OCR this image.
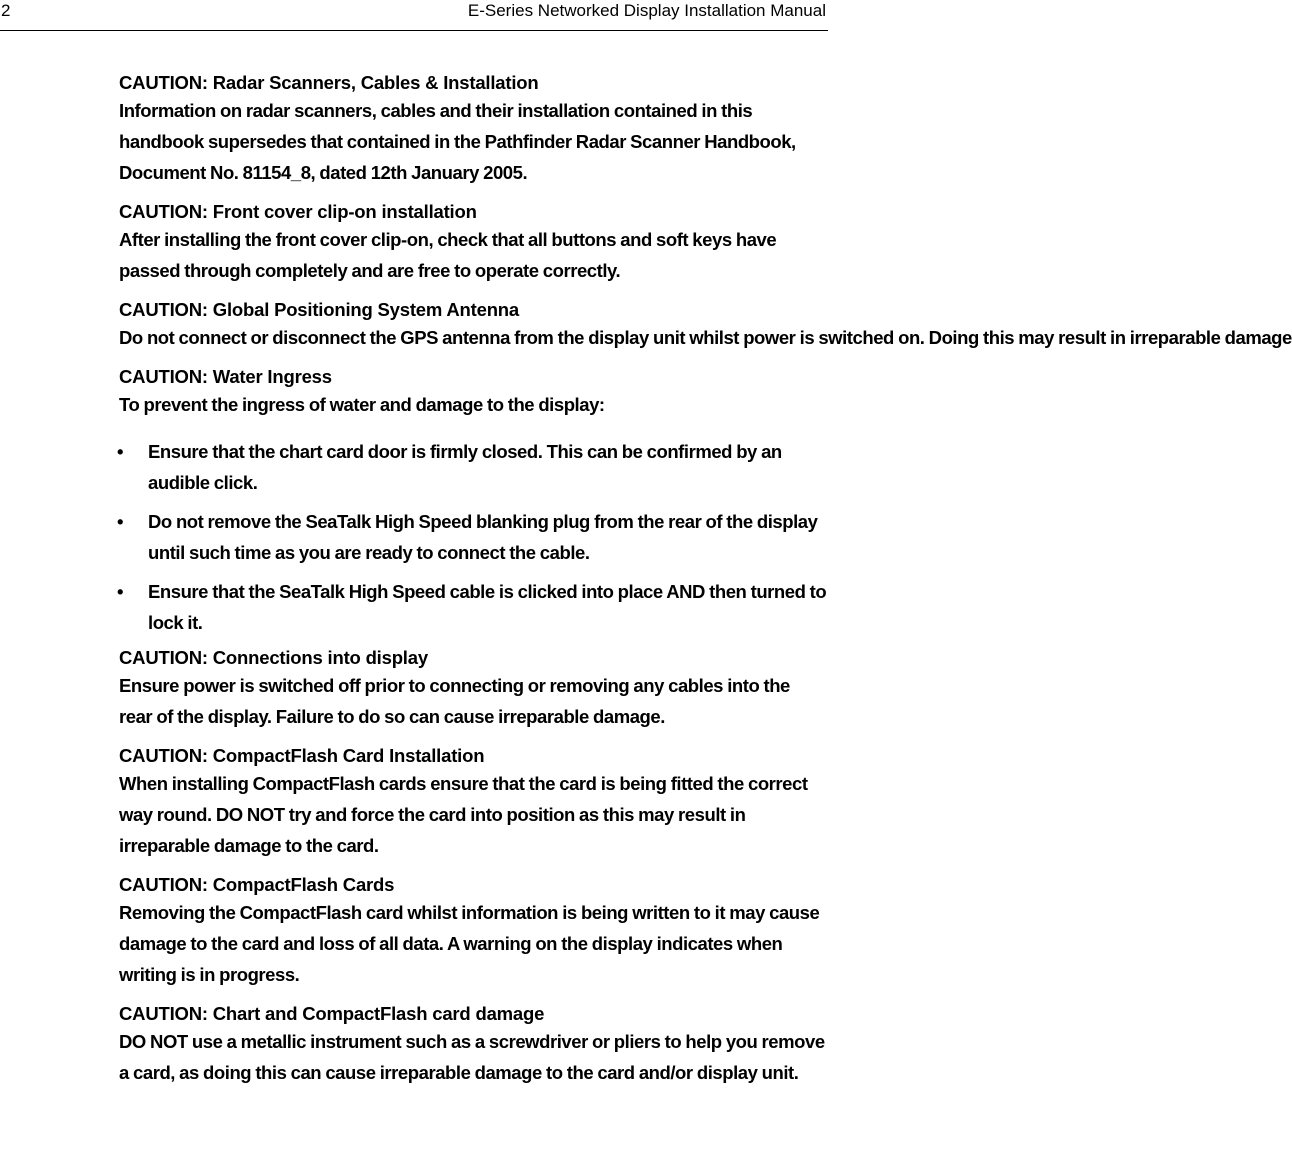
2	E-Series Networked Display Installation Manual
CAUTION: Radar Scanners, Cables & Installation
Information on radar scanners, cables and their installation contained in this handbook supersedes that contained in the Pathfinder Radar Scanner Handbook, Document No. 81154_8, dated 12th January 2005.
CAUTION: Front cover clip-on installation
After installing the front cover clip-on, check that all buttons and soft keys have passed through completely and are free to operate correctly.
CAUTION: Global Positioning System Antenna
Do not connect or disconnect the GPS antenna from the display unit whilst power is switched on. Doing this may result in irreparable damage
CAUTION: Water Ingress
To prevent the ingress of water and damage to the display:
• Ensure that the chart card door is firmly closed. This can be confirmed by an audible click.
• Do not remove the SeaTalk High Speed blanking plug from the rear of the display until such time as you are ready to connect the cable.
• Ensure that the SeaTalk High Speed cable is clicked into place AND then turned to lock it.
CAUTION: Connections into display
Ensure power is switched off prior to connecting or removing any cables into the rear of the display. Failure to do so can cause irreparable damage.
CAUTION: CompactFlash Card Installation
When installing CompactFlash cards ensure that the card is being fitted the correct way round. DO NOT try and force the card into position as this may result in irreparable damage to the card.
CAUTION: CompactFlash Cards
Removing the CompactFlash card whilst information is being written to it may cause damage to the card and loss of all data. A warning on the display indicates when writing is in progress.
CAUTION: Chart and CompactFlash card damage
DO NOT use a metallic instrument such as a screwdriver or pliers to help you remove a card, as doing this can cause irreparable damage to the card and/or display unit.
